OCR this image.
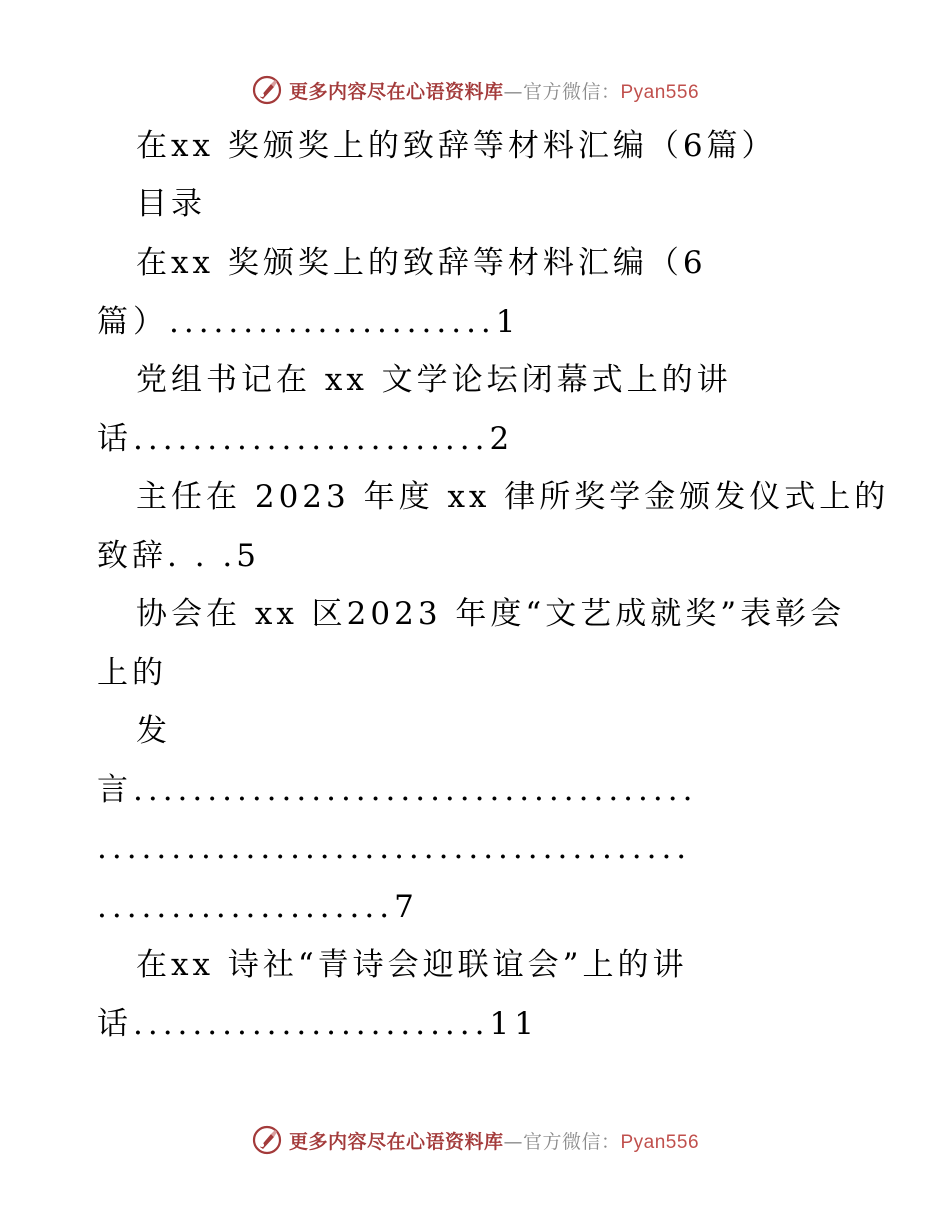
更多内容尽在心语资料库—官方微信：Pyan556
在xx 奖颁奖上的致辞等材料汇编（6篇）
目录
在xx 奖颁奖上的致辞等材料汇编（6
篇）......................1
党组书记在 xx 文学论坛闭幕式上的讲
话........................2
主任在 2023 年度 xx 律所奖学金颁发仪式上的
致辞. . .5
协会在 xx 区2023 年度“文艺成就奖”表彰会
上的
发
言......................................
........................................
....................7
在xx 诗社“青诗会迎联谊会”上的讲
话........................11
更多内容尽在心语资料库—官方微信：Pyan556
